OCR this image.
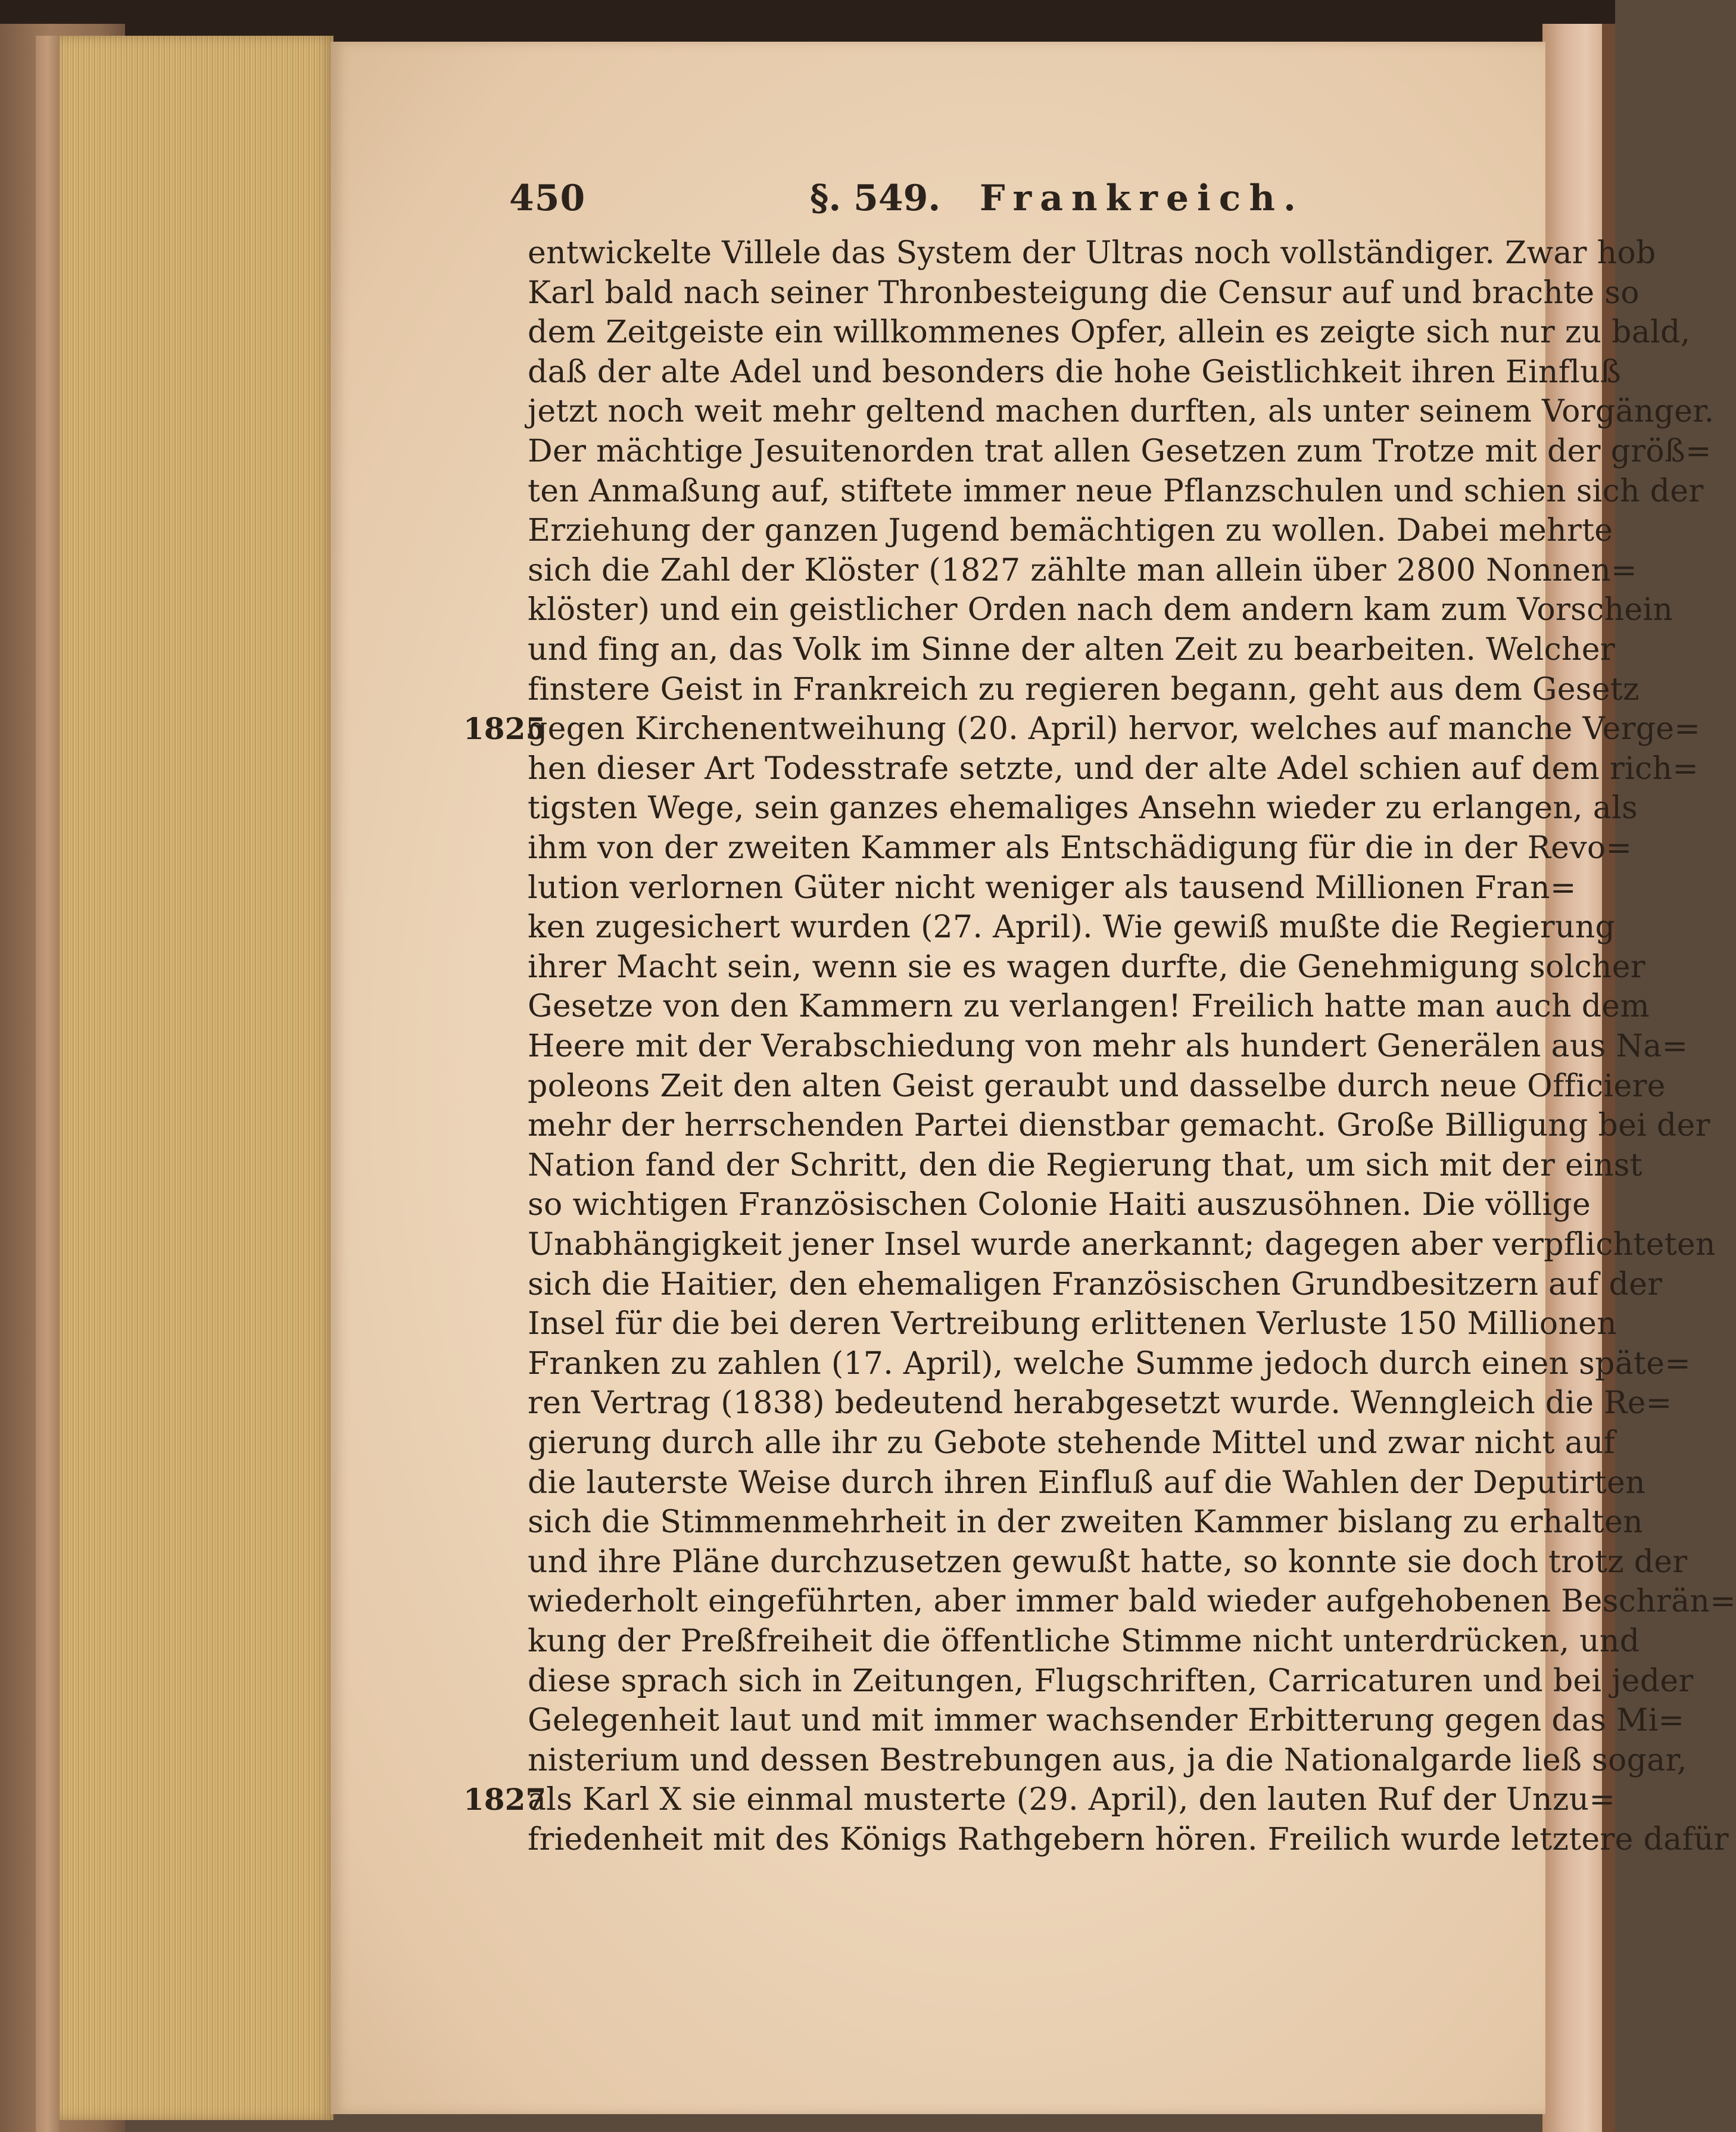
450	§. 549. Frankreich.
entwickelte Villele das System der Ultras noch vollständiger. Zwar hob
Karl bald nach seiner Thronbesteigung die Censur auf und brachte so
dem Zeitgeiste ein willkommenes Opfer, allein es zeigte sich nur zu bald,
daß der alte Adel und besonders die hohe Geistlichkeit ihren Einfluß
jetzt noch weit mehr geltend machen durften, als unter seinem Vorgänger.
Der mächtige Jesuitenorden trat allen Gesetzen zum Trotze mit der größ=
ten Anmaßung auf, stiftete immer neue Pflanzschulen und schien sich der
Erziehung der ganzen Jugend bemächtigen zu wollen. Dabei mehrte
sich die Zahl der Klöster (1827 zählte man allein über 2800 Nonnen=
klöster) und ein geistlicher Orden nach dem andern kam zum Vorschein
und fing an, das Volk im Sinne der alten Zeit zu bearbeiten. Welcher
finstere Geist in Frankreich zu regieren begann, geht aus dem Gesetz
gegen Kirchenentweihung (20. April) hervor, welches auf manche Verge=
hen dieser Art Todesstrafe setzte, und der alte Adel schien auf dem rich=
tigsten Wege, sein ganzes ehemaliges Ansehn wieder zu erlangen, als
ihm von der zweiten Kammer als Entschädigung für die in der Revo=
lution verlornen Güter nicht weniger als tausend Millionen Fran=
ken zugesichert wurden (27. April). Wie gewiß mußte die Regierung
ihrer Macht sein, wenn sie es wagen durfte, die Genehmigung solcher
Gesetze von den Kammern zu verlangen! Freilich hatte man auch dem
Heere mit der Verabschiedung von mehr als hundert Generälen aus Na=
poleons Zeit den alten Geist geraubt und dasselbe durch neue Officiere
mehr der herrschenden Partei dienstbar gemacht. Große Billigung bei der
Nation fand der Schritt, den die Regierung that, um sich mit der einst
so wichtigen Französischen Colonie Haiti auszusöhnen. Die völlige
Unabhängigkeit jener Insel wurde anerkannt; dagegen aber verpflichteten
sich die Haitier, den ehemaligen Französischen Grundbesitzern auf der
Insel für die bei deren Vertreibung erlittenen Verluste 150 Millionen
Franken zu zahlen (17. April), welche Summe jedoch durch einen späte=
ren Vertrag (1838) bedeutend herabgesetzt wurde. Wenngleich die Re=
gierung durch alle ihr zu Gebote stehende Mittel und zwar nicht auf
die lauterste Weise durch ihren Einfluß auf die Wahlen der Deputirten
sich die Stimmenmehrheit in der zweiten Kammer bislang zu erhalten
und ihre Pläne durchzusetzen gewußt hatte, so konnte sie doch trotz der
wiederholt eingeführten, aber immer bald wieder aufgehobenen Beschrän=
kung der Preßfreiheit die öffentliche Stimme nicht unterdrücken, und
diese sprach sich in Zeitungen, Flugschriften, Carricaturen und bei jeder
Gelegenheit laut und mit immer wachsender Erbitterung gegen das Mi=
nisterium und dessen Bestrebungen aus, ja die Nationalgarde ließ sogar,
als Karl X sie einmal musterte (29. April), den lauten Ruf der Unzu=
friedenheit mit des Königs Rathgebern hören. Freilich wurde letztere dafür
1825
1827
